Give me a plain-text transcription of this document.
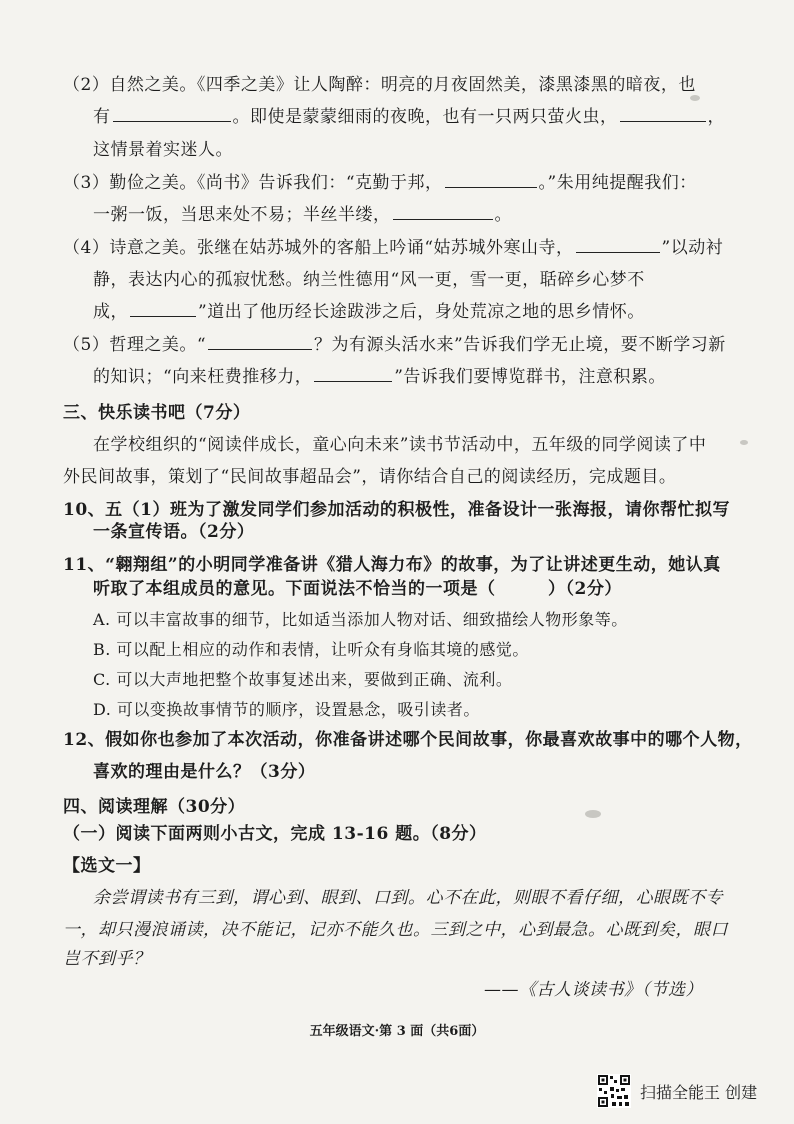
（2）自然之美。《四季之美》让人陶醉：明亮的月夜固然美，漆黑漆黑的暗夜，也
有	。即使是蒙蒙细雨的夜晚，也有一只两只萤火虫，	，
这情景着实迷人。
（3）勤俭之美。《尚书》告诉我们：“克勤于邦，	。”朱用纯提醒我们：
一粥一饭，当思来处不易；半丝半缕，	。
（4）诗意之美。张继在姑苏城外的客船上吟诵“姑苏城外寒山寺，	”以动衬
静，表达内心的孤寂忧愁。纳兰性德用“风一更，雪一更，聒碎乡心梦不
成，	”道出了他历经长途跋涉之后，身处荒凉之地的思乡情怀。
（5）哲理之美。“	？为有源头活水来”告诉我们学无止境，要不断学习新
的知识；“向来枉费推移力，	”告诉我们要博览群书，注意积累。
三、快乐读书吧（7分）
在学校组织的“阅读伴成长，童心向未来”读书节活动中，五年级的同学阅读了中
外民间故事，策划了“民间故事超品会”，请你结合自己的阅读经历，完成题目。
10、五（1）班为了激发同学们参加活动的积极性，准备设计一张海报，请你帮忙拟写
一条宣传语。（2分）
11、“翱翔组”的小明同学准备讲《猎人海力布》的故事，为了让讲述更生动，她认真
听取了本组成员的意见。下面说法不恰当的一项是（　　　）（2分）
A. 可以丰富故事的细节，比如适当添加人物对话、细致描绘人物形象等。
B. 可以配上相应的动作和表情，让听众有身临其境的感觉。
C. 可以大声地把整个故事复述出来，要做到正确、流利。
D. 可以变换故事情节的顺序，设置悬念，吸引读者。
12、假如你也参加了本次活动，你准备讲述哪个民间故事，你最喜欢故事中的哪个人物，
喜欢的理由是什么？（3分）
四、阅读理解（30分）
（一）阅读下面两则小古文，完成 13-16 题。（8分）
【选文一】
余尝谓读书有三到，谓心到、眼到、口到。心不在此，则眼不看仔细，心眼既不专
一，却只漫浪诵读，决不能记，记亦不能久也。三到之中，心到最急。心既到矣，眼口
岂不到乎？
——《古人谈读书》（节选）
五年级语文·第 3 面（共6面）
扫描全能王 创建
